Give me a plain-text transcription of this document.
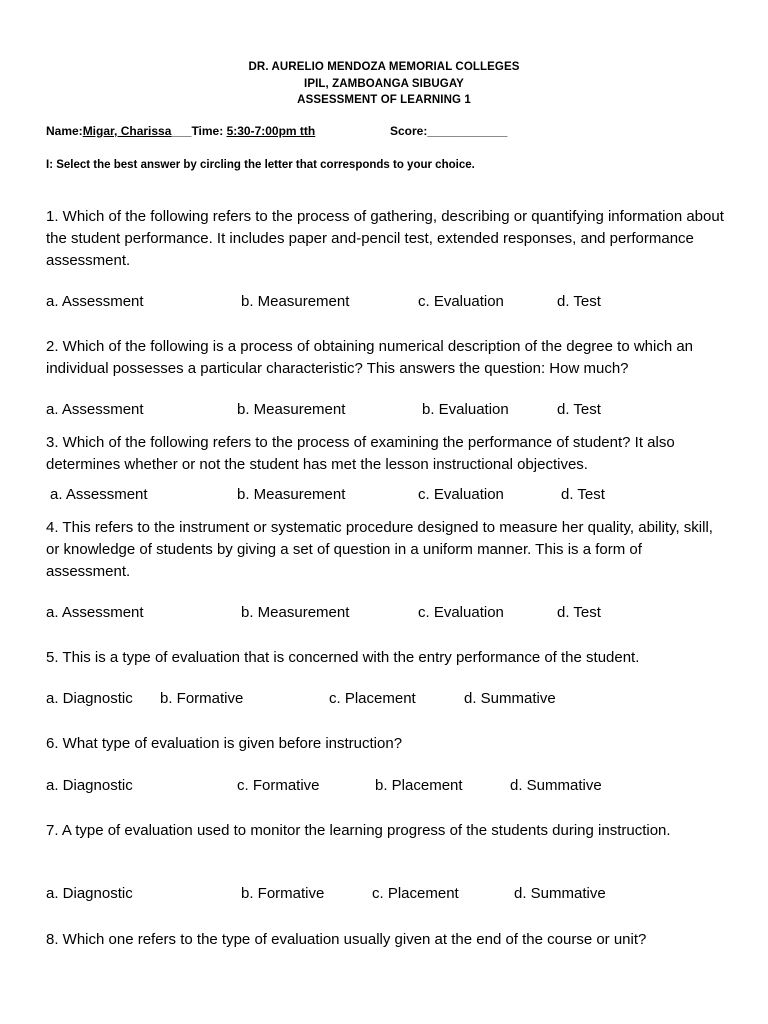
DR. AURELIO MENDOZA MEMORIAL COLLEGES
IPIL, ZAMBOANGA SIBUGAY
ASSESSMENT OF LEARNING 1
Name:Migar, Charissa___Time: 5:30-7:00pm tth	Score:____________
I: Select the best answer by circling the letter that corresponds to your choice.
1. Which of the following refers to the process of gathering, describing or quantifying information about the student performance. It includes paper and-pencil test, extended responses, and performance assessment.
a. Assessment	b. Measurement	c. Evaluation	d. Test
2. Which of the following is a process of obtaining numerical description of the degree to which an individual possesses a particular characteristic? This answers the question: How much?
a. Assessment	b. Measurement	b. Evaluation	d. Test
3. Which of the following refers to the process of examining the performance of student? It also determines whether or not the student has met the lesson instructional objectives.
a. Assessment	b. Measurement	c. Evaluation	d. Test
4. This refers to the instrument or systematic procedure designed to measure her quality, ability, skill, or knowledge of students by giving a set of question in a uniform manner. This is a form of assessment.
a. Assessment	b. Measurement	c. Evaluation	d. Test
5. This is a type of evaluation that is concerned with the entry performance of the student.
a. Diagnostic b. Formative	c. Placement	d. Summative
6. What type of evaluation is given before instruction?
a. Diagnostic	c. Formative	b. Placement	d. Summative
7. A type of evaluation used to monitor the learning progress of the students during instruction.
a. Diagnostic	b. Formative	c. Placement	d. Summative
8. Which one refers to the type of evaluation usually given at the end of the course or unit?
